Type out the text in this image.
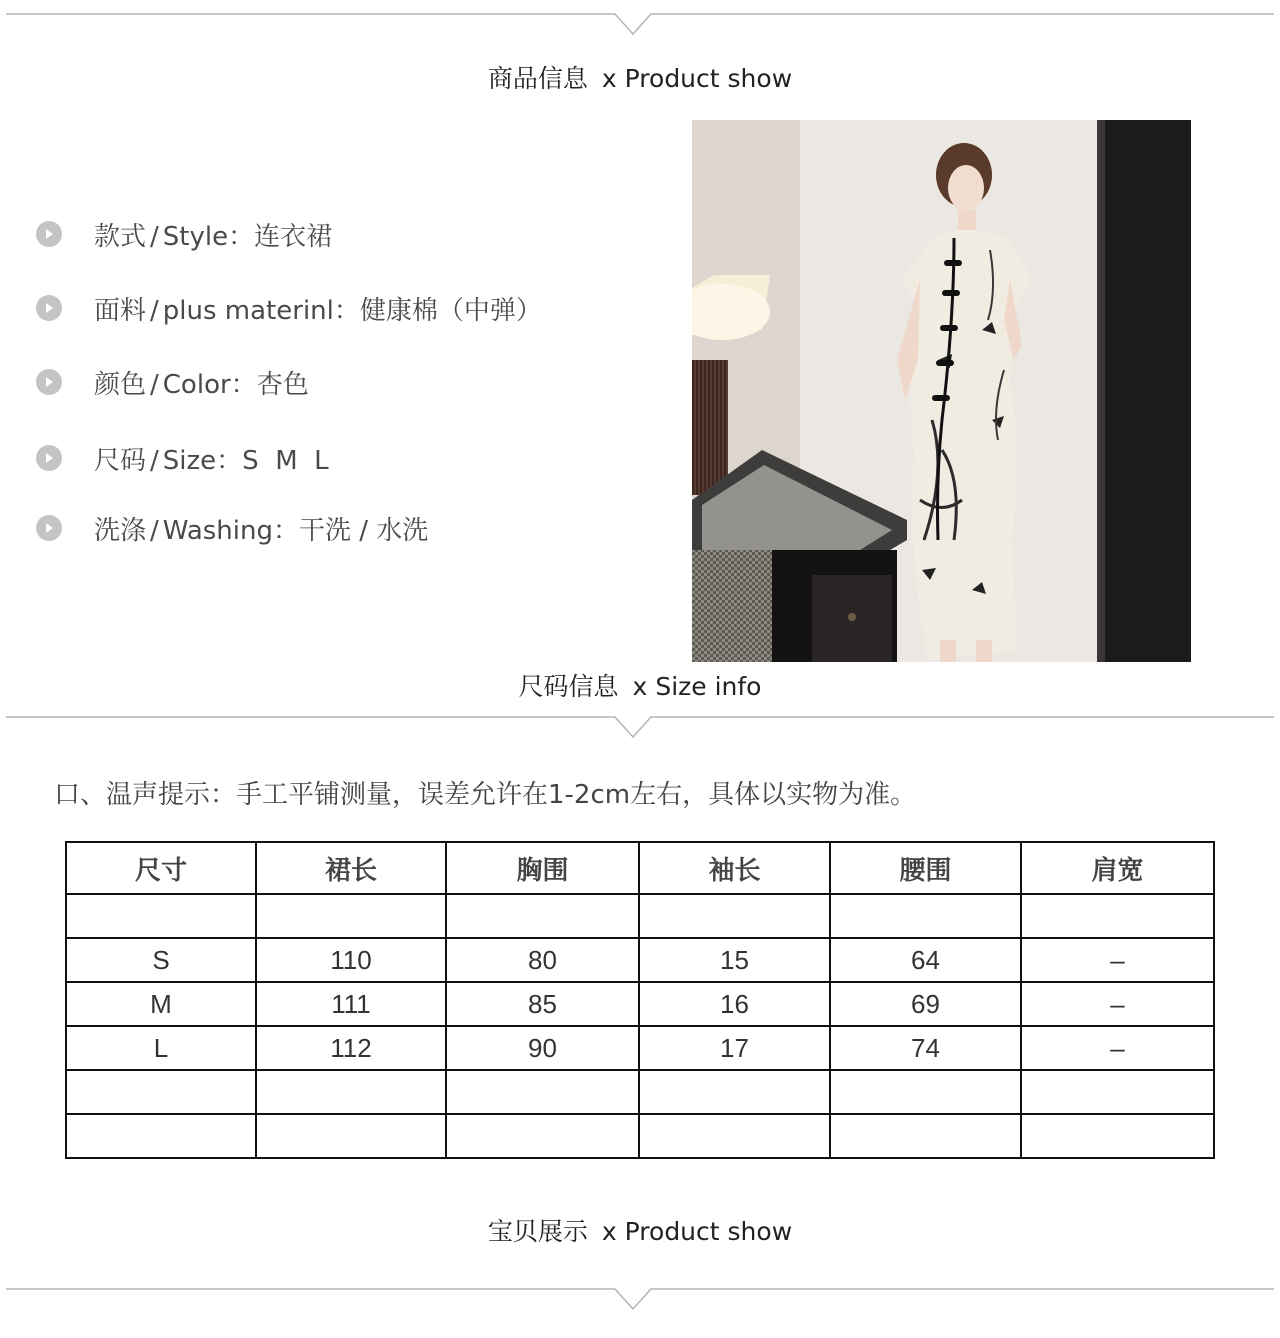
商品信息 x Product show
款式 / Style：连衣裙
面料 / plus materinl：健康棉（中弹）
颜色 / Color：杏色
尺码 / Size：S  M  L
洗涤 / Washing：干洗 / 水洗
尺码信息 x Size info
口、温声提示：手工平铺测量，误差允许在1-2cm左右，具体以实物为准。
尺寸	裙长	胸围	袖长	腰围	肩宽

S	110	80	15	64	–
M	111	85	16	69	–
L	112	90	17	74	–

宝贝展示 x Product show
